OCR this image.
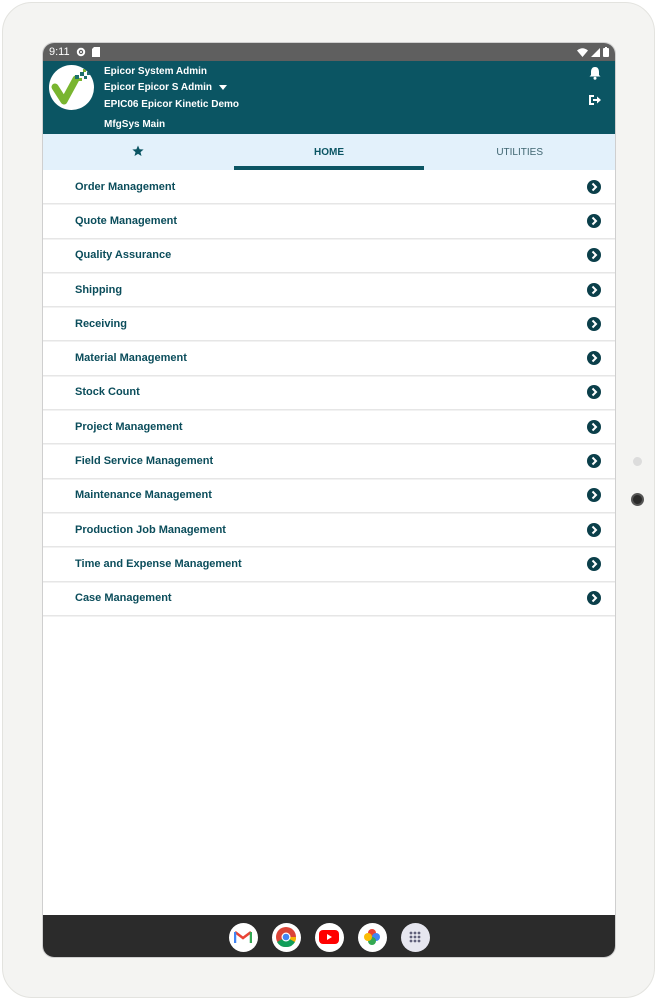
9:11
Epicor System Admin
Epicor Epicor S Admin
EPIC06 Epicor Kinetic Demo
MfgSys Main
HOME	UTILITIES
Order Management
Quote Management
Quality Assurance
Shipping
Receiving
Material Management
Stock Count
Project Management
Field Service Management
Maintenance Management
Production Job Management
Time and Expense Management
Case Management
